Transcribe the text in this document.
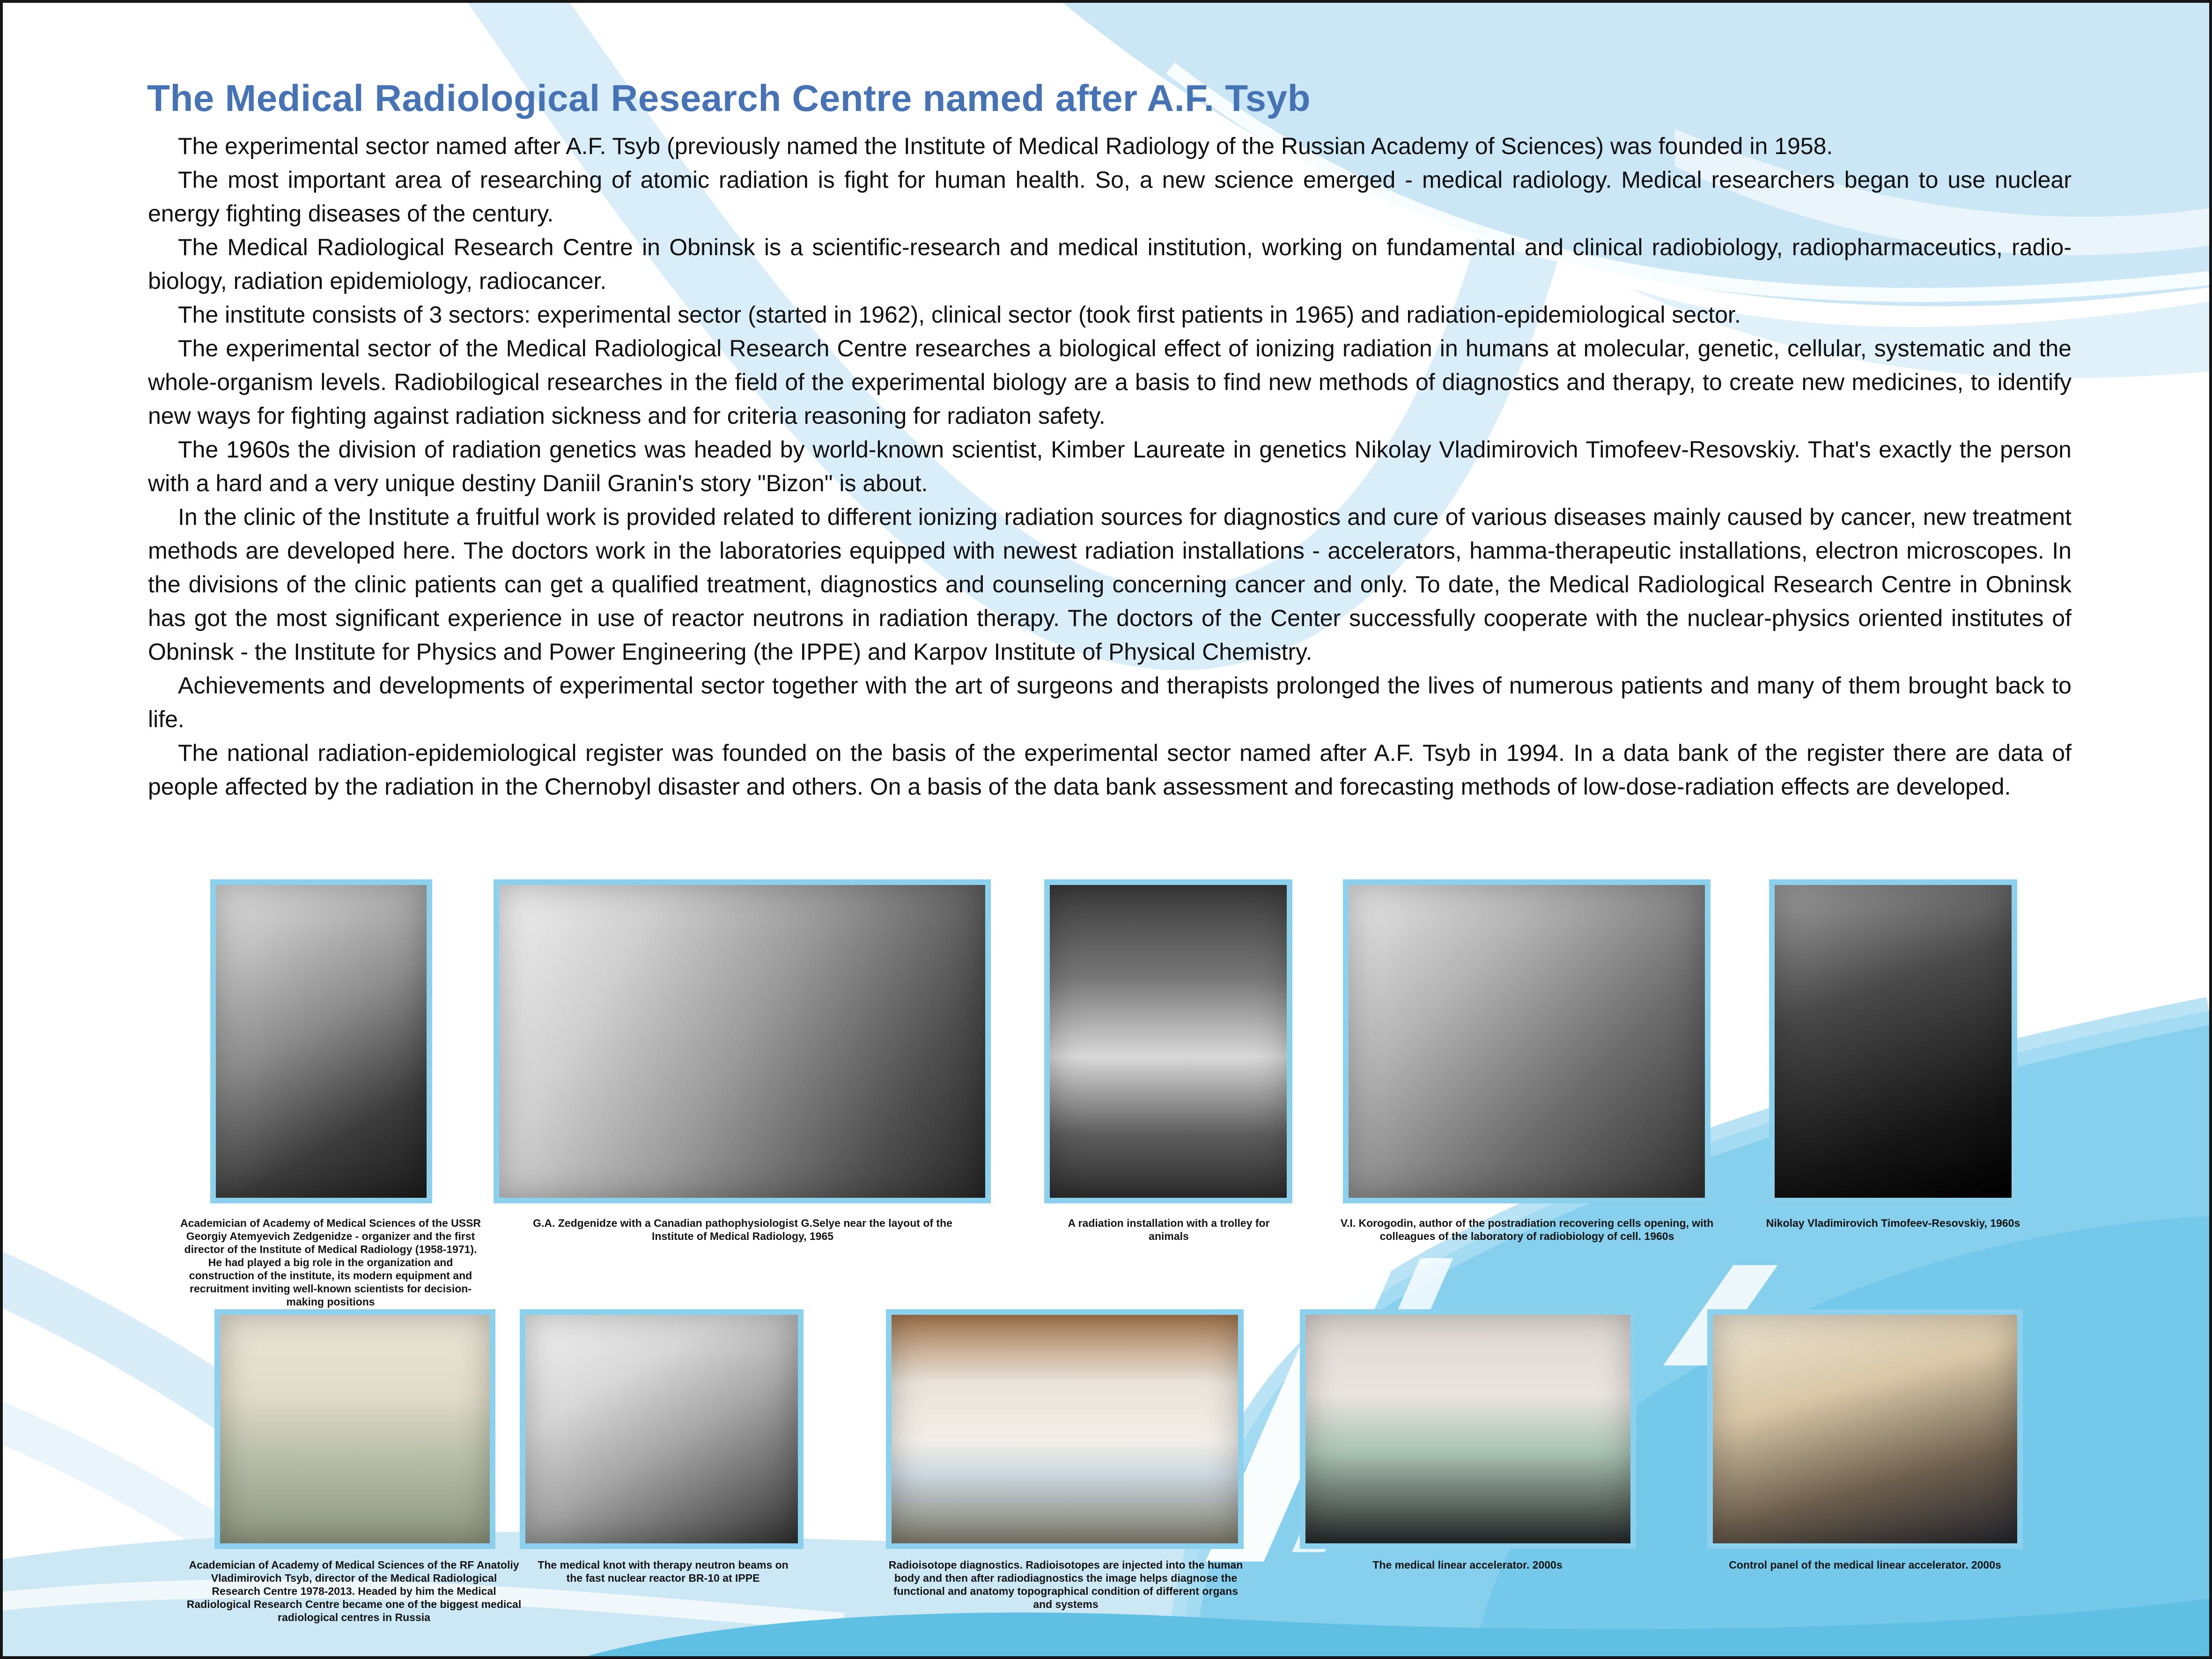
The Medical Radiological Research Centre named after A.F. Tsyb

The experimental sector named after A.F. Tsyb (previously named the Institute of Medical Radiology of the Russian Academy of Sciences) was founded in 1958.

The most important area of researching of atomic radiation is fight for human health. So, a new science emerged - medical radiology. Medical researchers began to use nuclear energy fighting diseases of the century.

The Medical Radiological Research Centre in Obninsk is a scientific-research and medical institution, working on fundamental and clinical radiobiology, radiopharmaceutics, radio-biology, radiation epidemiology, radiocancer.

The institute consists of 3 sectors: experimental sector (started in 1962), clinical sector (took first patients in 1965) and radiation-epidemiological sector.

The experimental sector of the Medical Radiological Research Centre researches a biological effect of ionizing radiation in humans at molecular, genetic, cellular, systematic and the whole-organism levels. Radiobilogical researches in the field of the experimental biology are a basis to find new methods of diagnostics and therapy, to create new medicines, to identify new ways for fighting against radiation sickness and for criteria reasoning for radiaton safety.

The 1960s the division of radiation genetics was headed by world-known scientist, Kimber Laureate in genetics Nikolay Vladimirovich Timofeev-Resovskiy. That's exactly the person with a hard and a very unique destiny Daniil Granin's story "Bizon" is about.

In the clinic of the Institute a fruitful work is provided related to different ionizing radiation sources for diagnostics and cure of various diseases mainly caused by cancer, new treatment methods are developed here. The doctors work in the laboratories equipped with newest radiation installations - accelerators, hamma-therapeutic installations, electron microscopes. In the divisions of the clinic patients can get a qualified treatment, diagnostics and counseling concerning cancer and only. To date, the Medical Radiological Research Centre in Obninsk has got the most significant experience in use of reactor neutrons in radiation therapy. The doctors of the Center successfully cooperate with the nuclear-physics oriented institutes of Obninsk - the Institute for Physics and Power Engineering (the IPPE) and Karpov Institute of Physical Chemistry.

Achievements and developments of experimental sector together with the art of surgeons and therapists prolonged the lives of numerous patients and many of them brought back to life.

The national radiation-epidemiological register was founded on the basis of the experimental sector named after A.F. Tsyb in 1994. In a data bank of the register there are data of people affected by the radiation in the Chernobyl disaster and others. On a basis of the data bank assessment and forecasting methods of low-dose-radiation effects are developed.

Academician of Academy of Medical Sciences of the USSR Georgiy Atemyevich Zedgenidze - organizer and the first director of the Institute of Medical Radiology (1958-1971). He had played a big role in the organization and construction of the institute, its modern equipment and recruitment inviting well-known scientists for decision-making positions
G.A. Zedgenidze with a Canadian pathophysiologist G.Selye near the layout of the Institute of Medical Radiology, 1965
A radiation installation with a trolley for animals
V.I. Korogodin, author of the postradiation recovering cells opening, with colleagues of the laboratory of radiobiology of cell. 1960s
Nikolay Vladimirovich Timofeev-Resovskiy, 1960s
Academician of Academy of Medical Sciences of the RF Anatoliy Vladimirovich Tsyb, director of the Medical Radiological Research Centre 1978-2013. Headed by him the Medical Radiological Research Centre became one of the biggest medical radiological centres in Russia
The medical knot with therapy neutron beams on the fast nuclear reactor BR-10 at IPPE
Radioisotope diagnostics. Radioisotopes are injected into the human body and then after radiodiagnostics the image helps diagnose the functional and anatomy topographical condition of different organs and systems
The medical linear accelerator. 2000s	Control panel of the medical linear accelerator. 2000s
